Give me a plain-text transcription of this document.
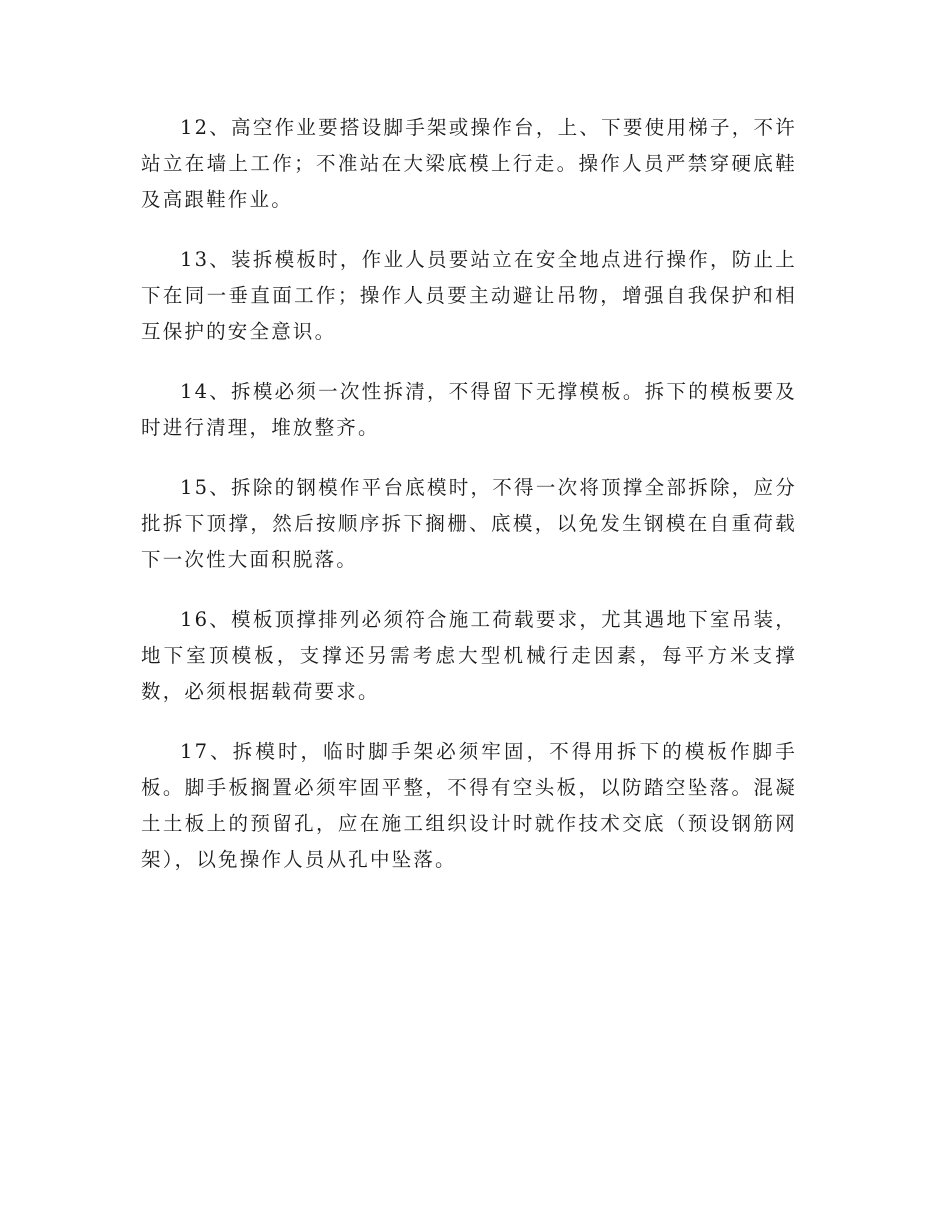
12、高空作业要搭设脚手架或操作台，上、下要使用梯子，不许站立在墙上工作；不准站在大梁底模上行走。操作人员严禁穿硬底鞋及高跟鞋作业。

13、装拆模板时，作业人员要站立在安全地点进行操作，防止上下在同一垂直面工作；操作人员要主动避让吊物，增强自我保护和相互保护的安全意识。

14、拆模必须一次性拆清，不得留下无撑模板。拆下的模板要及时进行清理，堆放整齐。

15、拆除的钢模作平台底模时，不得一次将顶撑全部拆除，应分批拆下顶撑，然后按顺序拆下搁栅、底模，以免发生钢模在自重荷载下一次性大面积脱落。

16、模板顶撑排列必须符合施工荷载要求，尤其遇地下室吊装，地下室顶模板，支撑还另需考虑大型机械行走因素，每平方米支撑数，必须根据载荷要求。

17、拆模时，临时脚手架必须牢固，不得用拆下的模板作脚手板。脚手板搁置必须牢固平整，不得有空头板，以防踏空坠落。混凝土土板上的预留孔，应在施工组织设计时就作技术交底（预设钢筋网架），以免操作人员从孔中坠落。
